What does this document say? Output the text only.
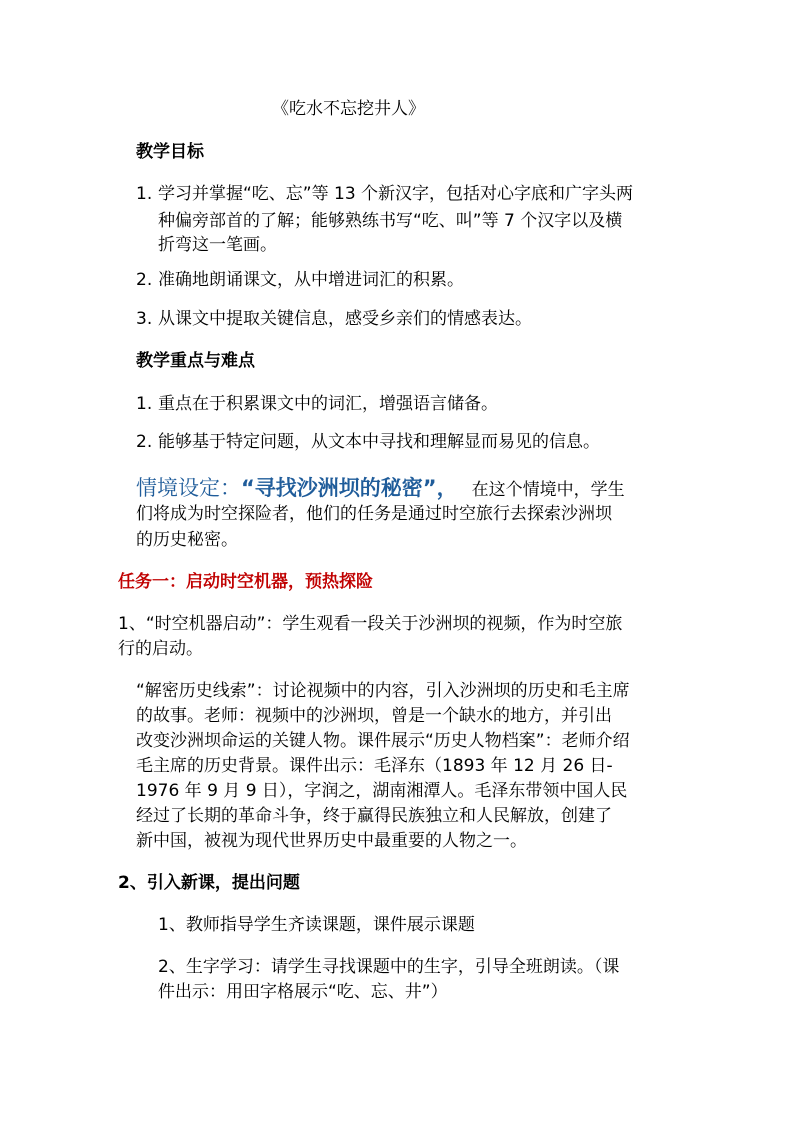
《吃水不忘挖井人》
教学目标
1. 学习并掌握“吃、忘”等 13 个新汉字，包括对心字底和广字头两
种偏旁部首的了解；能够熟练书写“吃、叫”等 7 个汉字以及横
折弯这一笔画。
2. 准确地朗诵课文，从中增进词汇的积累。
3. 从课文中提取关键信息，感受乡亲们的情感表达。
教学重点与难点
1. 重点在于积累课文中的词汇，增强语言储备。
2. 能够基于特定问题，从文本中寻找和理解显而易见的信息。
情境设定：“寻找沙洲坝的秘密”， 在这个情境中，学生
们将成为时空探险者，他们的任务是通过时空旅行去探索沙洲坝
的历史秘密。
任务一：启动时空机器，预热探险
1、“时空机器启动”：学生观看一段关于沙洲坝的视频，作为时空旅
行的启动。
“解密历史线索”：讨论视频中的内容，引入沙洲坝的历史和毛主席
的故事。老师：视频中的沙洲坝，曾是一个缺水的地方，并引出
改变沙洲坝命运的关键人物。课件展示“历史人物档案”：老师介绍
毛主席的历史背景。课件出示：毛泽东（1893 年 12 月 26 日-
1976 年 9 月 9 日），字润之，湖南湘潭人。毛泽东带领中国人民
经过了长期的革命斗争，终于赢得民族独立和人民解放，创建了
新中国，被视为现代世界历史中最重要的人物之一。
2、引入新课，提出问题
1、教师指导学生齐读课题，课件展示课题
2、生字学习：请学生寻找课题中的生字，引导全班朗读。（课
件出示：用田字格展示“吃、忘、井”）
